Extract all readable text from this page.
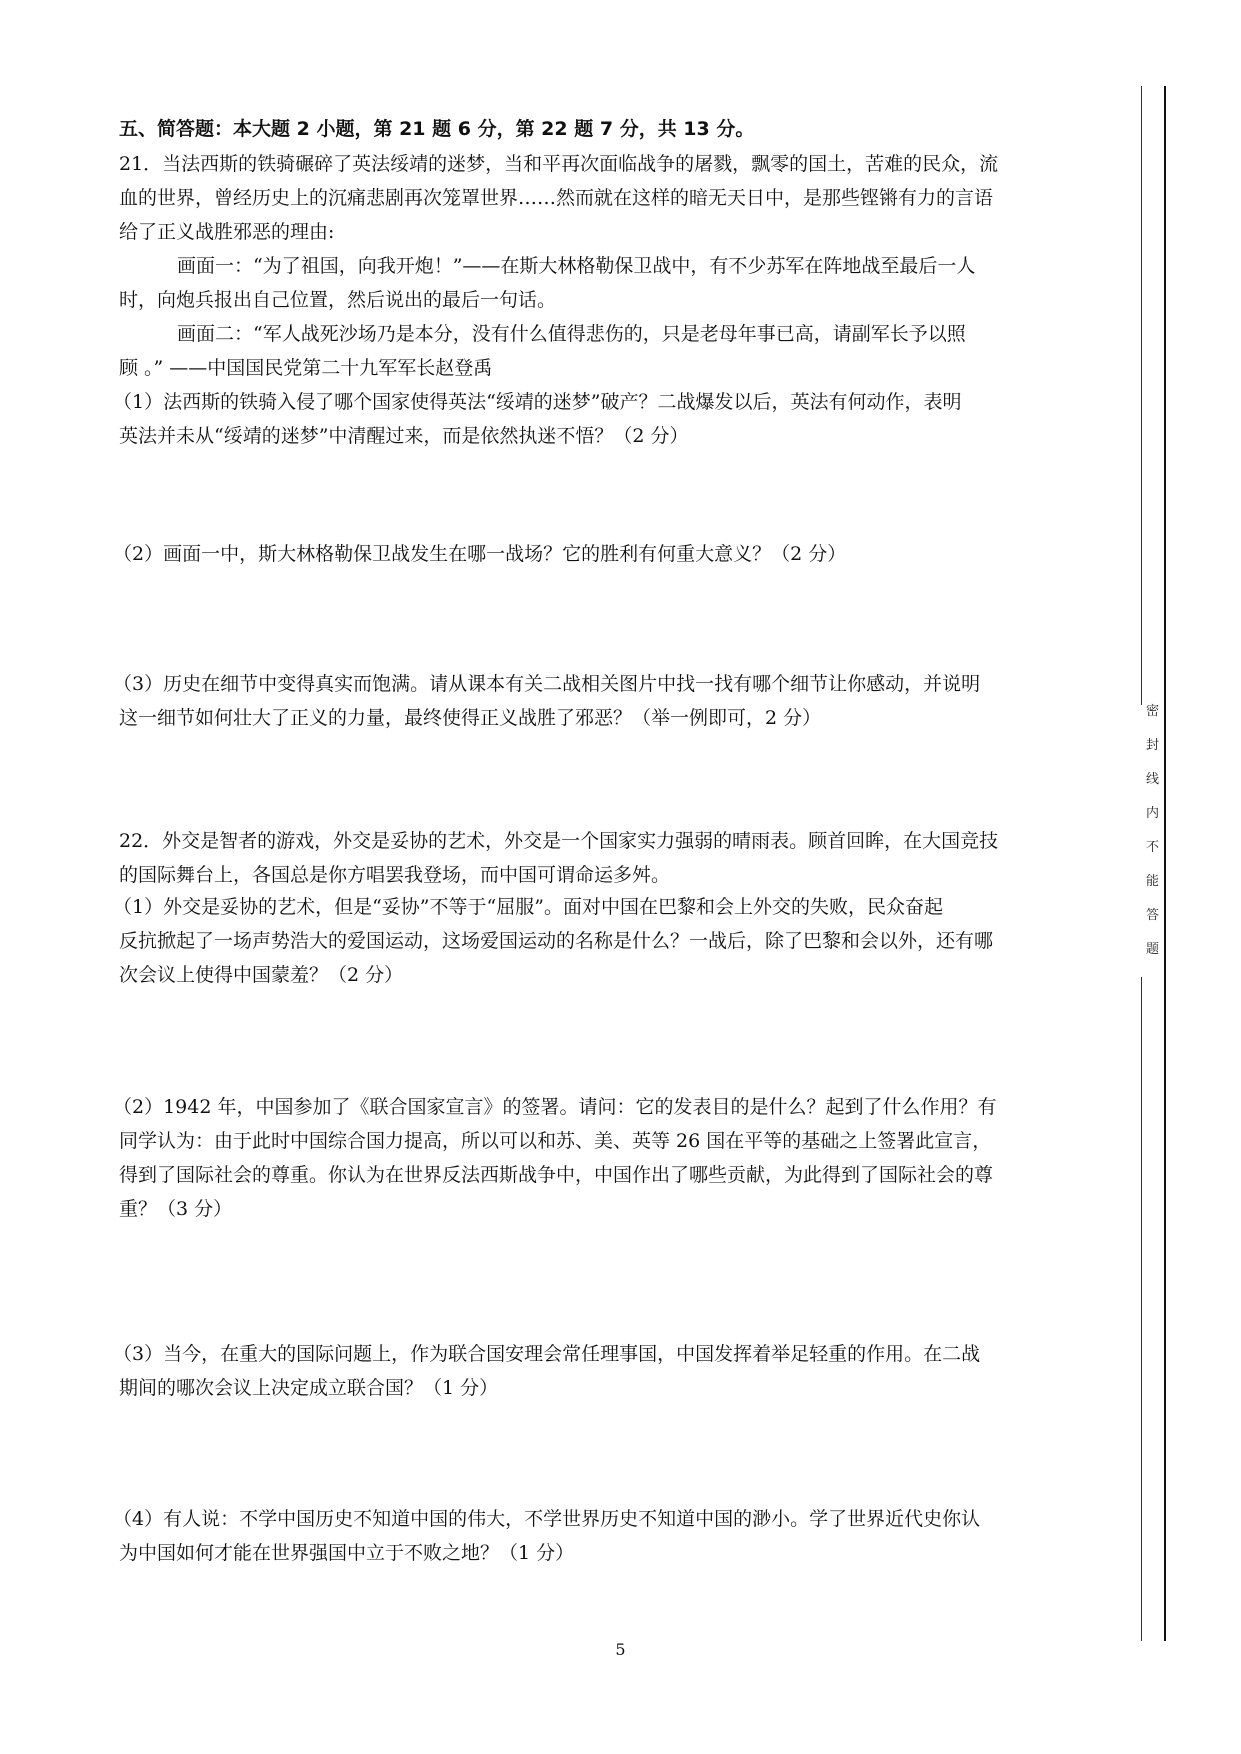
五、简答题：本大题 2 小题，第 21 题 6 分，第 22 题 7 分，共 13 分。
21．当法西斯的铁骑碾碎了英法绥靖的迷梦，当和平再次面临战争的屠戮，飘零的国土，苦难的民众，流
血的世界，曾经历史上的沉痛悲剧再次笼罩世界……然而就在这样的暗无天日中，是那些铿锵有力的言语
给了正义战胜邪恶的理由:
画面一：“为了祖国，向我开炮！”——在斯大林格勒保卫战中，有不少苏军在阵地战至最后一人
时，向炮兵报出自己位置，然后说出的最后一句话。
画面二：“军人战死沙场乃是本分，没有什么值得悲伤的，只是老母年事已高，请副军长予以照
顾 。” ——中国国民党第二十九军军长赵登禹
（1）法西斯的铁骑入侵了哪个国家使得英法“绥靖的迷梦”破产？二战爆发以后，英法有何动作，表明
英法并未从“绥靖的迷梦”中清醒过来，而是依然执迷不悟？（2 分）
（2）画面一中，斯大林格勒保卫战发生在哪一战场？它的胜利有何重大意义？（2 分）
（3）历史在细节中变得真实而饱满。请从课本有关二战相关图片中找一找有哪个细节让你感动，并说明
这一细节如何壮大了正义的力量，最终使得正义战胜了邪恶？（举一例即可，2 分）
22．外交是智者的游戏，外交是妥协的艺术，外交是一个国家实力强弱的晴雨表。顾首回眸，在大国竞技
的国际舞台上，各国总是你方唱罢我登场，而中国可谓命运多舛。
（1）外交是妥协的艺术，但是“妥协”不等于“屈服”。面对中国在巴黎和会上外交的失败，民众奋起
反抗掀起了一场声势浩大的爱国运动，这场爱国运动的名称是什么？一战后，除了巴黎和会以外，还有哪
次会议上使得中国蒙羞？（2 分）
（2）1942 年，中国参加了《联合国家宣言》的签署。请问：它的发表目的是什么？起到了什么作用？有
同学认为：由于此时中国综合国力提高，所以可以和苏、美、英等 26 国在平等的基础之上签署此宣言，
得到了国际社会的尊重。你认为在世界反法西斯战争中，中国作出了哪些贡献，为此得到了国际社会的尊
重？（3 分）
（3）当今，在重大的国际问题上，作为联合国安理会常任理事国，中国发挥着举足轻重的作用。在二战
期间的哪次会议上决定成立联合国？（1 分）
（4）有人说：不学中国历史不知道中国的伟大，不学世界历史不知道中国的渺小。学了世界近代史你认
为中国如何才能在世界强国中立于不败之地？（1 分）
密
封
线
内
不
能
答
题
5
